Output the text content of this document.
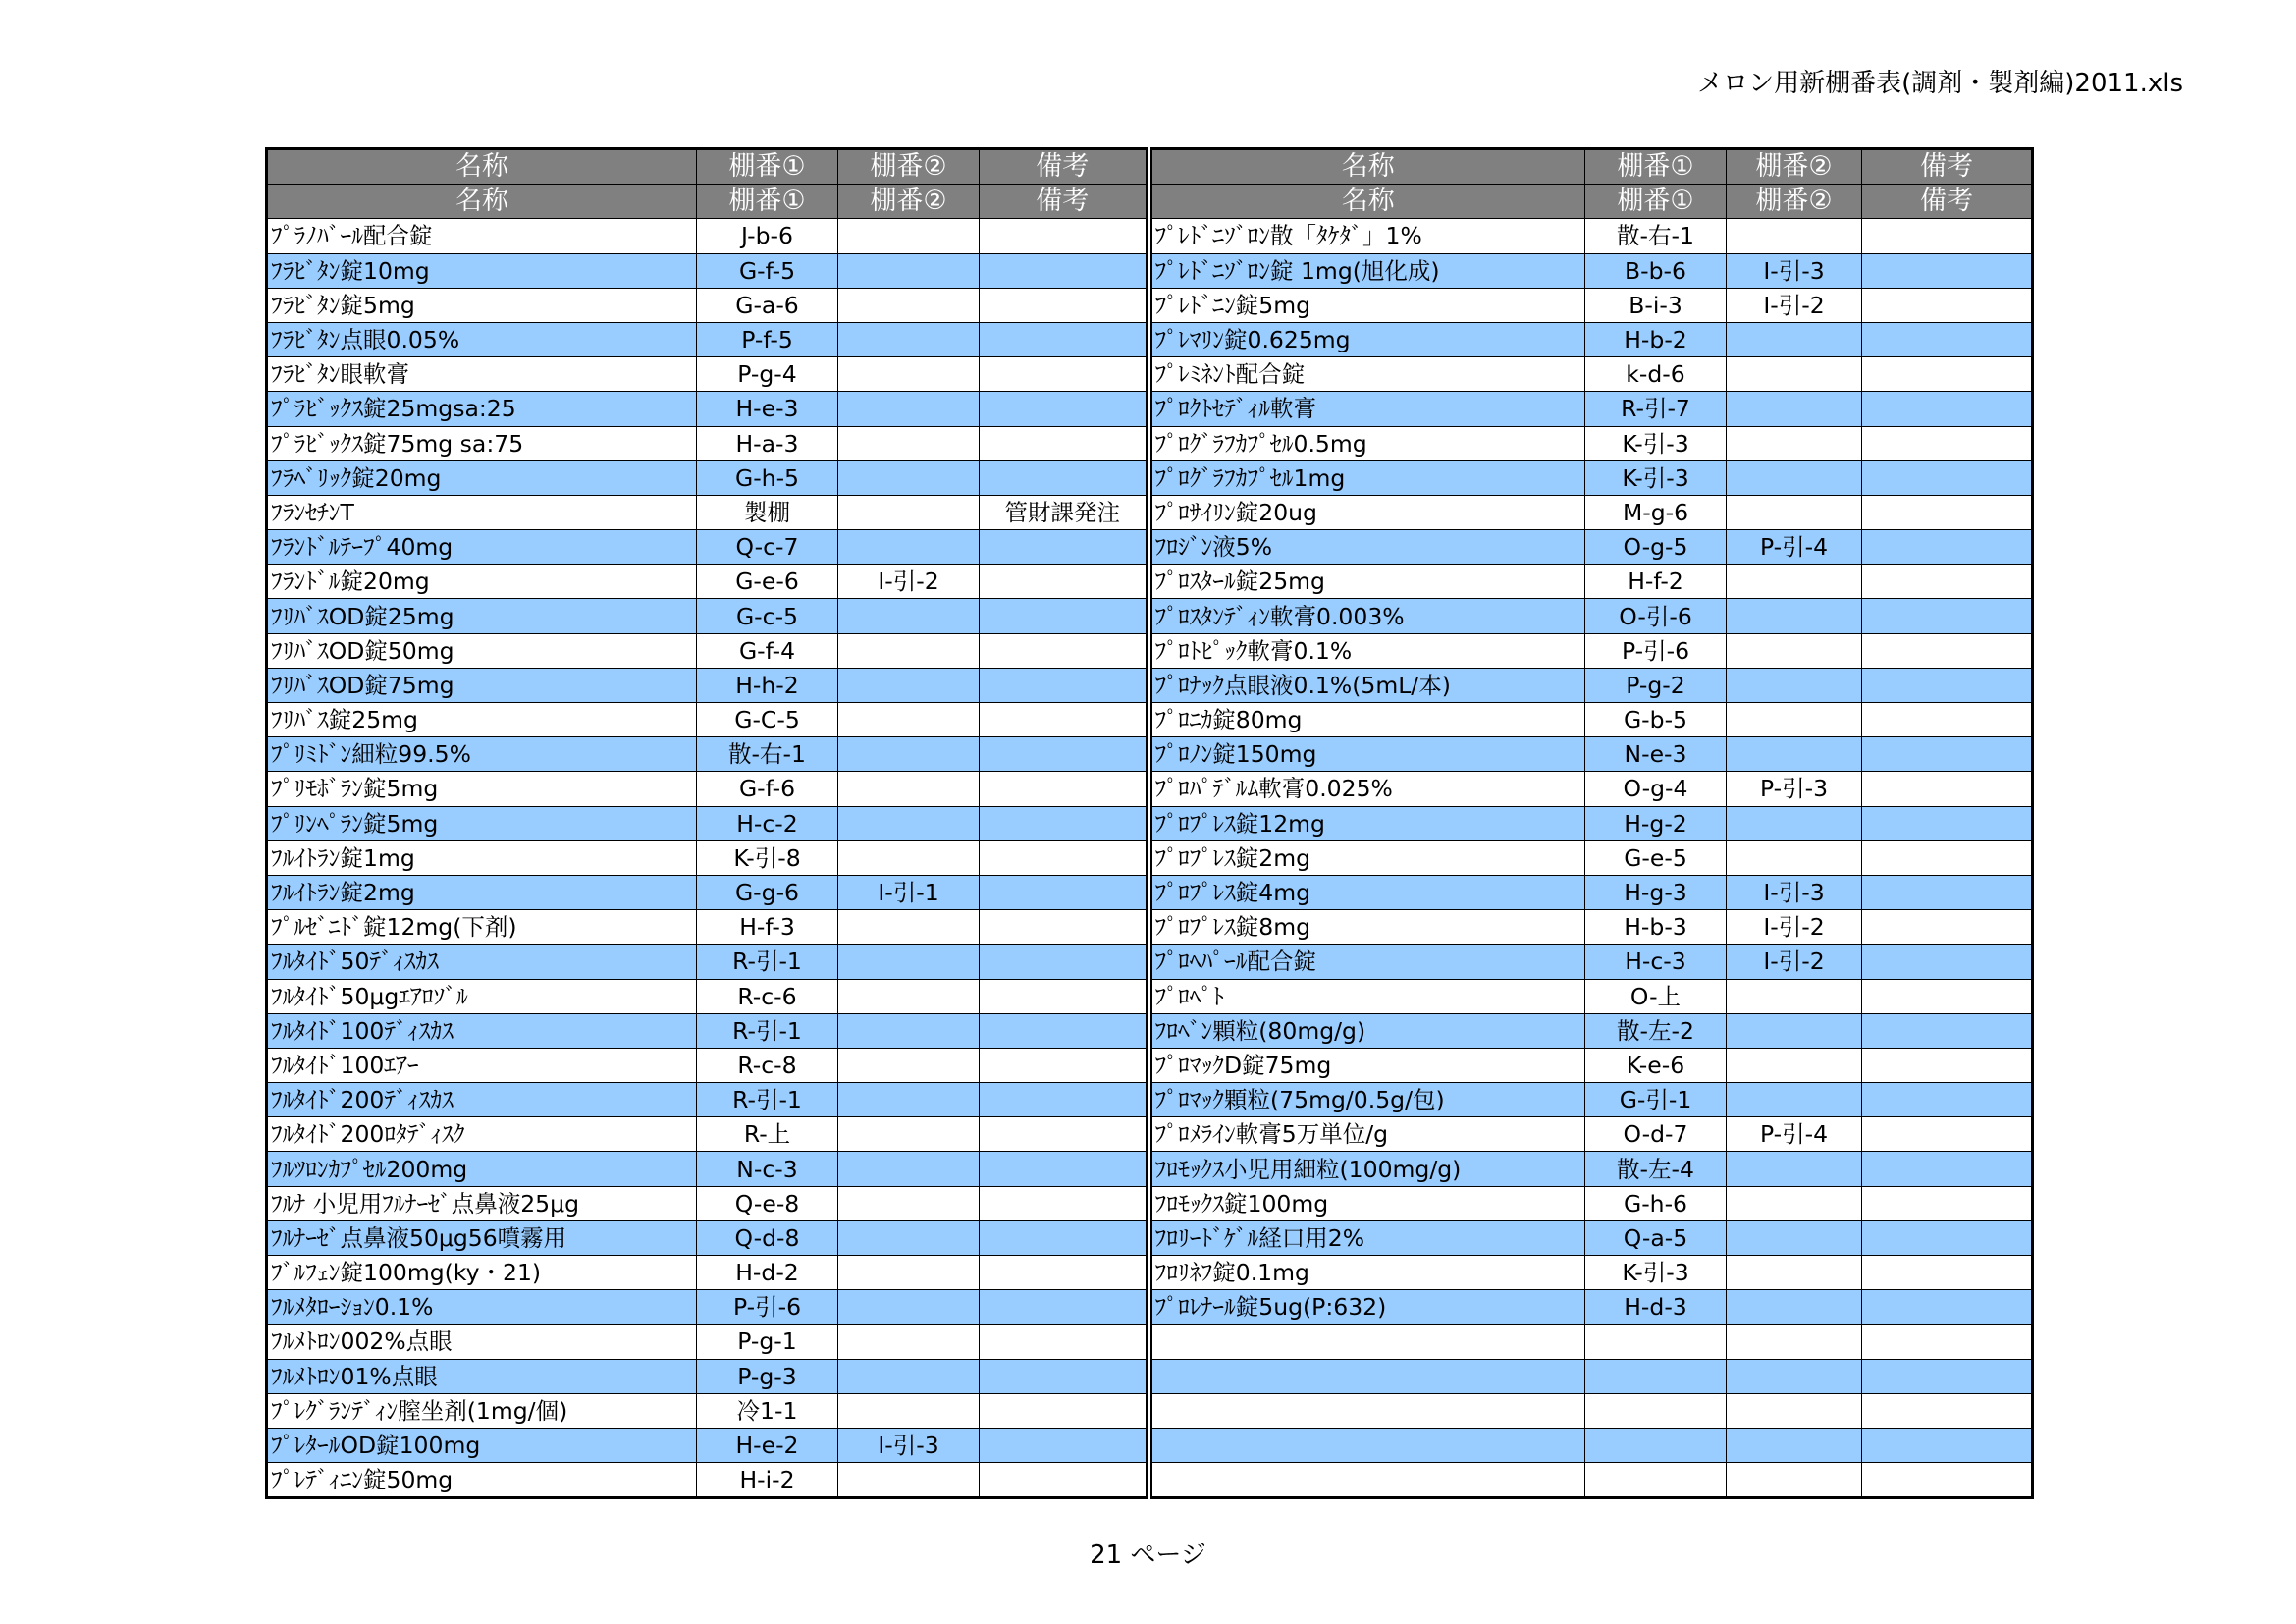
メロン用新棚番表(調剤・製剤編)2011.xls
名称	棚番①	棚番②	備考
名称	棚番①	棚番②	備考
ﾌﾟﾗﾉﾊﾞｰﾙ配合錠	J-b-6		
ﾌﾗﾋﾞﾀﾝ錠10mg	G-f-5		
ﾌﾗﾋﾞﾀﾝ錠5mg	G-a-6		
ﾌﾗﾋﾞﾀﾝ点眼0.05%	P-f-5		
ﾌﾗﾋﾞﾀﾝ眼軟膏	P-g-4		
ﾌﾟﾗﾋﾞｯｸｽ錠25mgsa:25	H-e-3		
ﾌﾟﾗﾋﾞｯｸｽ錠75mg sa:75	H-a-3		
ﾌﾗﾍﾞﾘｯｸ錠20mg	G-h-5		
ﾌﾗﾝｾﾁﾝT	製棚		管財課発注
ﾌﾗﾝﾄﾞﾙﾃｰﾌﾟ40mg	Q-c-7		
ﾌﾗﾝﾄﾞﾙ錠20mg	G-e-6	I-引-2	
ﾌﾘﾊﾞｽOD錠25mg	G-c-5		
ﾌﾘﾊﾞｽOD錠50mg	G-f-4		
ﾌﾘﾊﾞｽOD錠75mg	H-h-2		
ﾌﾘﾊﾞｽ錠25mg	G-C-5		
ﾌﾟﾘﾐﾄﾞﾝ細粒99.5%	散-右-1		
ﾌﾟﾘﾓﾎﾞﾗﾝ錠5mg	G-f-6		
ﾌﾟﾘﾝﾍﾟﾗﾝ錠5mg	H-c-2		
ﾌﾙｲﾄﾗﾝ錠1mg	K-引-8		
ﾌﾙｲﾄﾗﾝ錠2mg	G-g-6	I-引-1	
ﾌﾟﾙｾﾞﾆﾄﾞ錠12mg(下剤)	H-f-3		
ﾌﾙﾀｲﾄﾞ50ﾃﾞｨｽｶｽ	R-引-1		
ﾌﾙﾀｲﾄﾞ50μgｴｱﾛｿﾞﾙ	R-c-6		
ﾌﾙﾀｲﾄﾞ100ﾃﾞｨｽｶｽ	R-引-1		
ﾌﾙﾀｲﾄﾞ100ｴｱｰ	R-c-8		
ﾌﾙﾀｲﾄﾞ200ﾃﾞｨｽｶｽ	R-引-1		
ﾌﾙﾀｲﾄﾞ200ﾛﾀﾃﾞｨｽｸ	R-上		
ﾌﾙﾂﾛﾝｶﾌﾟｾﾙ200mg	N-c-3		
ﾌﾙﾅ 小児用ﾌﾙﾅｰｾﾞ点鼻液25μg	Q-e-8		
ﾌﾙﾅｰｾﾞ点鼻液50μg56噴霧用	Q-d-8		
ﾌﾞﾙﾌｪﾝ錠100mg(ky・21)	H-d-2		
ﾌﾙﾒﾀﾛｰｼｮﾝ0.1%	P-引-6		
ﾌﾙﾒﾄﾛﾝ002%点眼	P-g-1		
ﾌﾙﾒﾄﾛﾝ01%点眼	P-g-3		
ﾌﾟﾚｸﾞﾗﾝﾃﾞｨﾝ膣坐剤(1mg/個)	冷1-1		
ﾌﾟﾚﾀｰﾙOD錠100mg	H-e-2	I-引-3	
ﾌﾟﾚﾃﾞｨﾆﾝ錠50mg	H-i-2		
名称	棚番①	棚番②	備考
名称	棚番①	棚番②	備考
ﾌﾟﾚﾄﾞﾆｿﾞﾛﾝ散「ﾀｹﾀﾞ」1%	散-右-1		
ﾌﾟﾚﾄﾞﾆｿﾞﾛﾝ錠 1mg(旭化成)	B-b-6	I-引-3	
ﾌﾟﾚﾄﾞﾆﾝ錠5mg	B-i-3	I-引-2	
ﾌﾟﾚﾏﾘﾝ錠0.625mg	H-b-2		
ﾌﾟﾚﾐﾈﾝﾄ配合錠	k-d-6		
ﾌﾟﾛｸﾄｾﾃﾞｨﾙ軟膏	R-引-7		
ﾌﾟﾛｸﾞﾗﾌｶﾌﾟｾﾙ0.5mg	K-引-3		
ﾌﾟﾛｸﾞﾗﾌｶﾌﾟｾﾙ1mg	K-引-3		
ﾌﾟﾛｻｲﾘﾝ錠20ug	M-g-6		
ﾌﾛｼﾞﾝ液5%	O-g-5	P-引-4	
ﾌﾟﾛｽﾀｰﾙ錠25mg	H-f-2		
ﾌﾟﾛｽﾀﾝﾃﾞｨﾝ軟膏0.003%	O-引-6		
ﾌﾟﾛﾄﾋﾟｯｸ軟膏0.1%	P-引-6		
ﾌﾟﾛﾅｯｸ点眼液0.1%(5mL/本)	P-g-2		
ﾌﾟﾛﾆｶ錠80mg	G-b-5		
ﾌﾟﾛﾉﾝ錠150mg	N-e-3		
ﾌﾟﾛﾊﾟﾃﾞﾙﾑ軟膏0.025%	O-g-4	P-引-3	
ﾌﾟﾛﾌﾟﾚｽ錠12mg	H-g-2		
ﾌﾟﾛﾌﾟﾚｽ錠2mg	G-e-5		
ﾌﾟﾛﾌﾟﾚｽ錠4mg	H-g-3	I-引-3	
ﾌﾟﾛﾌﾟﾚｽ錠8mg	H-b-3	I-引-2	
ﾌﾟﾛﾍﾊﾟｰﾙ配合錠	H-c-3	I-引-2	
ﾌﾟﾛﾍﾟﾄ	O-上		
ﾌﾛﾍﾞﾝ顆粒(80mg/g)	散-左-2		
ﾌﾟﾛﾏｯｸD錠75mg	K-e-6		
ﾌﾟﾛﾏｯｸ顆粒(75mg/0.5g/包)	G-引-1		
ﾌﾟﾛﾒﾗｲﾝ軟膏5万単位/g	O-d-7	P-引-4	
ﾌﾛﾓｯｸｽ小児用細粒(100mg/g)	散-左-4		
ﾌﾛﾓｯｸｽ錠100mg	G-h-6		
ﾌﾛﾘｰﾄﾞｹﾞﾙ経口用2%	Q-a-5		
ﾌﾛﾘﾈﾌ錠0.1mg	K-引-3		
ﾌﾟﾛﾚﾅｰﾙ錠5ug(P:632)	H-d-3		

21 ページ
